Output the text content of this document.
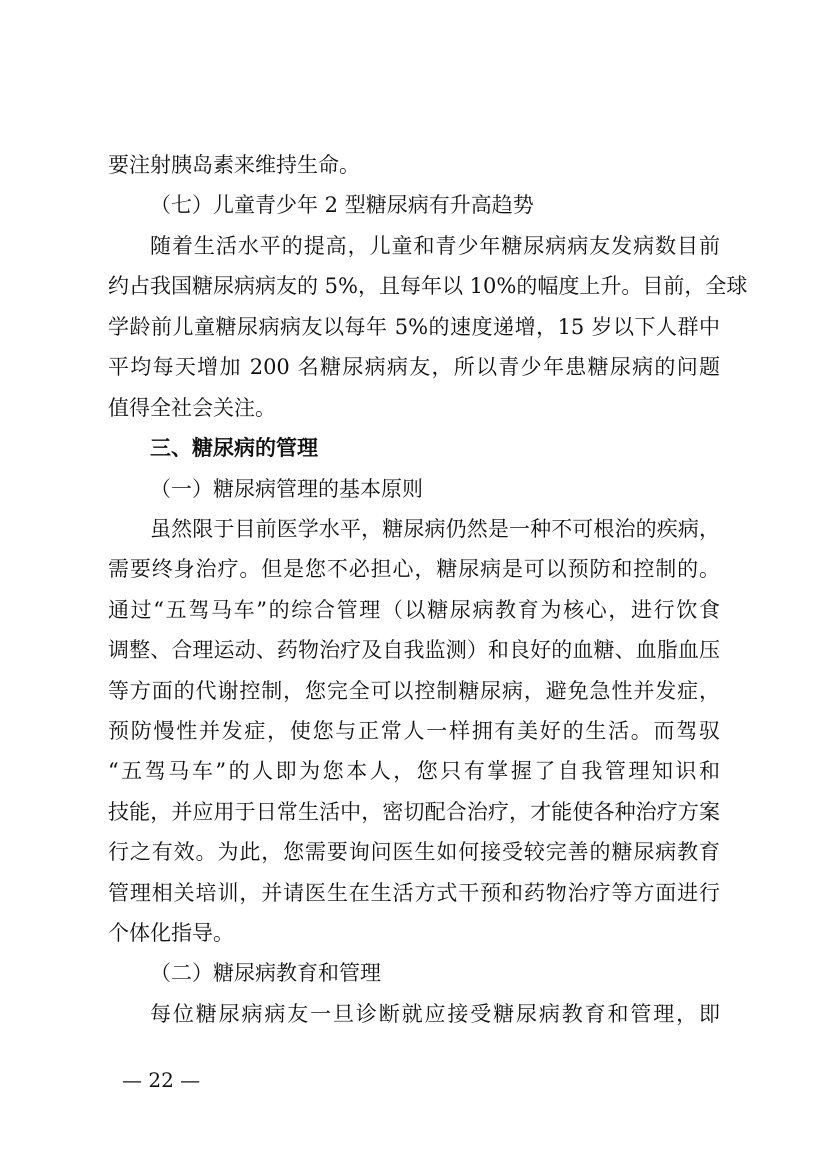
要注射胰岛素来维持生命。
（七）儿童青少年 2 型糖尿病有升高趋势
随着生活水平的提高，儿童和青少年糖尿病病友发病数目前
约占我国糖尿病病友的 5%，且每年以 10%的幅度上升。目前，全球
学龄前儿童糖尿病病友以每年 5%的速度递增，15 岁以下人群中
平均每天增加 200 名糖尿病病友，所以青少年患糖尿病的问题
值得全社会关注。
三、糖尿病的管理
（一）糖尿病管理的基本原则
虽然限于目前医学水平，糖尿病仍然是一种不可根治的疾病，
需要终身治疗。但是您不必担心，糖尿病是可以预防和控制的。
通过“五驾马车”的综合管理（以糖尿病教育为核心，进行饮食
调整、合理运动、药物治疗及自我监测）和良好的血糖、血脂血压
等方面的代谢控制，您完全可以控制糖尿病，避免急性并发症，
预防慢性并发症，使您与正常人一样拥有美好的生活。而驾驭
“五驾马车”的人即为您本人，您只有掌握了自我管理知识和
技能，并应用于日常生活中，密切配合治疗，才能使各种治疗方案
行之有效。为此，您需要询问医生如何接受较完善的糖尿病教育
管理相关培训，并请医生在生活方式干预和药物治疗等方面进行
个体化指导。
（二）糖尿病教育和管理
每位糖尿病病友一旦诊断就应接受糖尿病教育和管理，即
— 22 —
